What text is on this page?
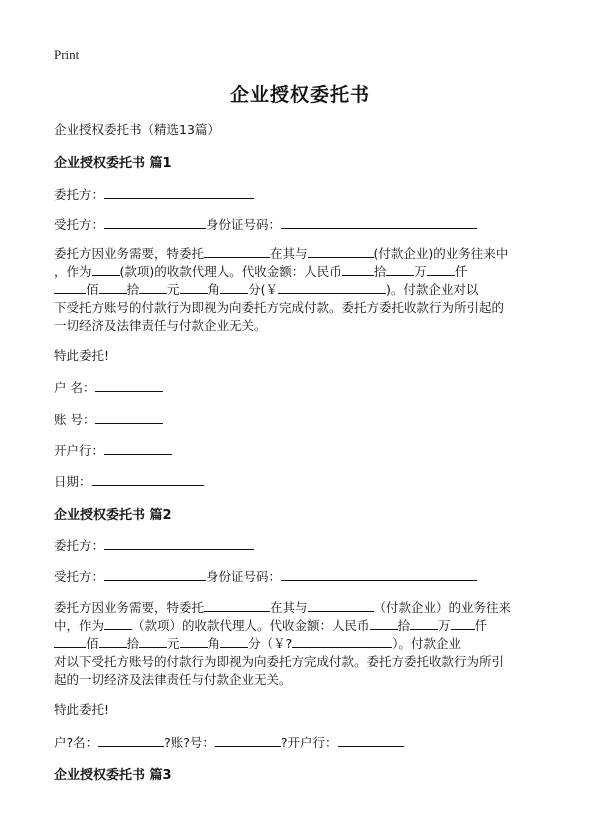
Print
企业授权委托书
企业授权委托书（精选13篇）
企业授权委托书 篇1
委托方：
受托方：	身份证号码：
委托方因业务需要，特委托	在其与	(付款企业)的业务往来中
，作为 (款项)的收款代理人。代收金额：人民币	拾 万 仟
佰 拾 元 角 分(￥	)。付款企业对以
下受托方账号的付款行为即视为向委托方完成付款。委托方委托收款行为所引起的
一切经济及法律责任与付款企业无关。
特此委托!
户 名：
账 号：
开户行：
日期：
企业授权委托书 篇2
委托方：
受托方：	身份证号码：
委托方因业务需要，特委托	在其与	（付款企业）的业务往来
中，作为 （款项）的收款代理人。代收金额：人民币 拾 万 仟
佰 拾 元 角 分（￥?	）。付款企业
对以下受托方账号的付款行为即视为向委托方完成付款。委托方委托收款行为所引
起的一切经济及法律责任与付款企业无关。
特此委托!
户?名：	?账?号：	?开户行：
企业授权委托书 篇3
